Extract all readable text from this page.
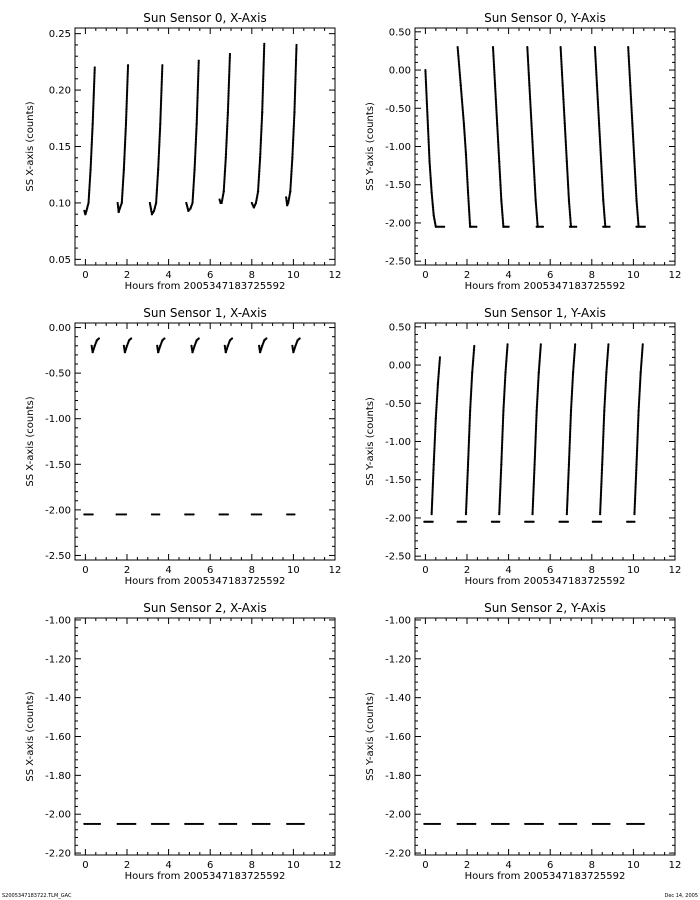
Sun Sensor 0, X-Axis
Hours from 2005347183725592
SS X-axis (counts)
0	2	4	6	8	10	12
0.05
0.10
0.15
0.20
0.25
Sun Sensor 0, Y-Axis
Hours from 2005347183725592
SS Y-axis (counts)
0	2	4	6	8	10	12
-2.50
-2.00
-1.50
-1.00
-0.50
0.00
0.50
Sun Sensor 1, X-Axis
Hours from 2005347183725592
SS X-axis (counts)
0	2	4	6	8	10	12
-2.50
-2.00
-1.50
-1.00
-0.50
0.00
Sun Sensor 1, Y-Axis
Hours from 2005347183725592
SS Y-axis (counts)
0	2	4	6	8	10	12
-2.50
-2.00
-1.50
-1.00
-0.50
0.00
0.50
Sun Sensor 2, X-Axis
Hours from 2005347183725592
SS X-axis (counts)
0	2	4	6	8	10	12
-2.20
-2.00
-1.80
-1.60
-1.40
-1.20
-1.00
Sun Sensor 2, Y-Axis
Hours from 2005347183725592
SS Y-axis (counts)
0	2	4	6	8	10	12
-2.20
-2.00
-1.80
-1.60
-1.40
-1.20
-1.00
S2005347183722.TLM_GAC	Dec 14, 2005
